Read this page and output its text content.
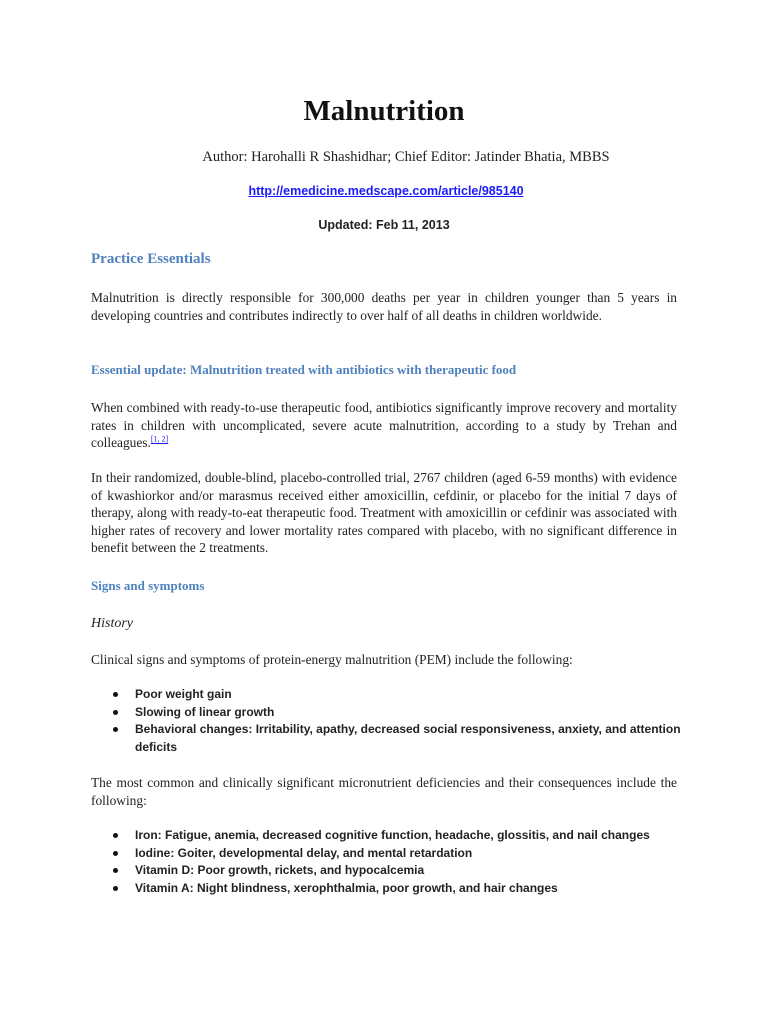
Malnutrition
Author: Harohalli R Shashidhar; Chief Editor: Jatinder Bhatia, MBBS
http://emedicine.medscape.com/article/985140
Updated: Feb 11, 2013
Practice Essentials
Malnutrition is directly responsible for 300,000 deaths per year in children younger than 5 years in developing countries and contributes indirectly to over half of all deaths in children worldwide.
Essential update: Malnutrition treated with antibiotics with therapeutic food
When combined with ready-to-use therapeutic food, antibiotics significantly improve recovery and mortality rates in children with uncomplicated, severe acute malnutrition, according to a study by Trehan and colleagues.[1, 2]
In their randomized, double-blind, placebo-controlled trial, 2767 children (aged 6-59 months) with evidence of kwashiorkor and/or marasmus received either amoxicillin, cefdinir, or placebo for the initial 7 days of therapy, along with ready-to-eat therapeutic food. Treatment with amoxicillin or cefdinir was associated with higher rates of recovery and lower mortality rates compared with placebo, with no significant difference in benefit between the 2 treatments.
Signs and symptoms
History
Clinical signs and symptoms of protein-energy malnutrition (PEM) include the following:
Poor weight gain
Slowing of linear growth
Behavioral changes: Irritability, apathy, decreased social responsiveness, anxiety, and attention deficits
The most common and clinically significant micronutrient deficiencies and their consequences include the following:
Iron: Fatigue, anemia, decreased cognitive function, headache, glossitis, and nail changes
Iodine: Goiter, developmental delay, and mental retardation
Vitamin D: Poor growth, rickets, and hypocalcemia
Vitamin A: Night blindness, xerophthalmia, poor growth, and hair changes
